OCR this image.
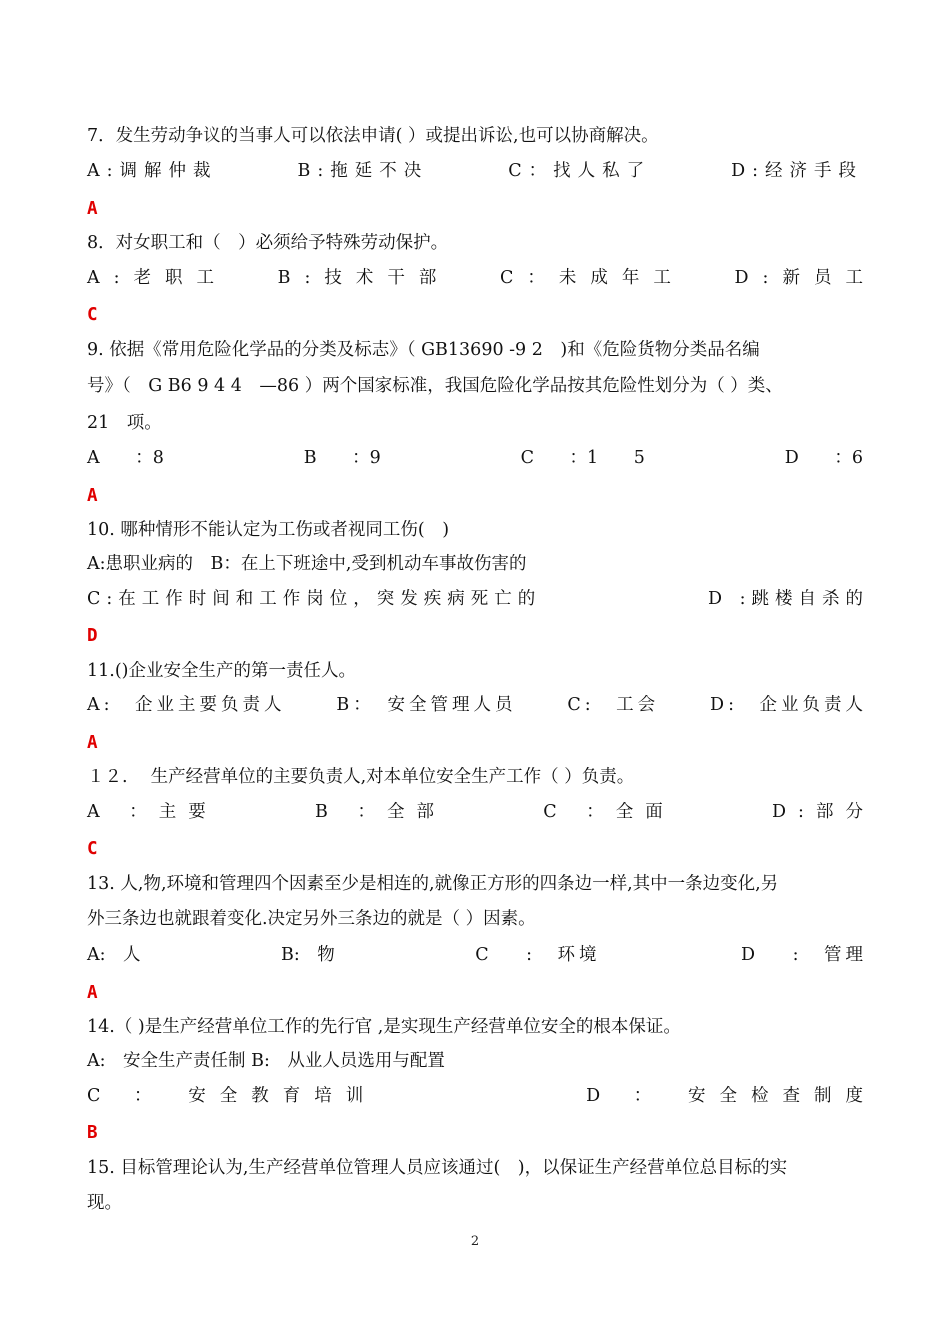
7．发生劳动争议的当事人可以依法申请( ）或提出诉讼,也可以协商解决。
A:调解仲裁	B:拖延不决	C：找人私了	D:经济手段
A
8．对女职工和（　）必须给予特殊劳动保护。
A:老职工	B:技术干部	C：未成年工	D:新员工
C
9. 依据《常用危险化学品的分类及标志》（ GB13690 -9 2　)和《危险货物分类品名编
号》（　G B6 9 4 4　—86 ）两个国家标准，我国危险化学品按其危险性划分为（ ）类、
21　项。
A ：8	B ：9	C ：1 5	D ：6
A
10. 哪种情形不能认定为工伤或者视同工伤(　)
A:患职业病的　B：在上下班途中,受到机动车事故伤害的
C:在工作时间和工作岗位，突发疾病死亡的	D :跳楼自杀的
D
11.()企业安全生产的第一责任人。
A:　企业主要负责人	B：　安全管理人员	C:　工会	D:　企业负责人
A
１２.　 生产经营单位的主要负责人,对本单位安全生产工作（ ）负责。
A ：主要	B ：全部	C ：全面	D:部分
C
13. 人,物,环境和管理四个因素至少是相连的,就像正方形的四条边一样,其中一条边变化,另
外三条边也就跟着变化.决定另外三条边的就是（ ）因素。
A:　人	B:　物	C :　环境	D :　管理
A
14.（ )是生产经营单位工作的先行官 ,是实现生产经营单位安全的根本保证。
A:　安全生产责任制 B:　从业人员选用与配置
C ：　安全教育培训	D ：　安全检查制度
B
15. 目标管理论认为,生产经营单位管理人员应该通过(　)，以保证生产经营单位总目标的实
现。
2
